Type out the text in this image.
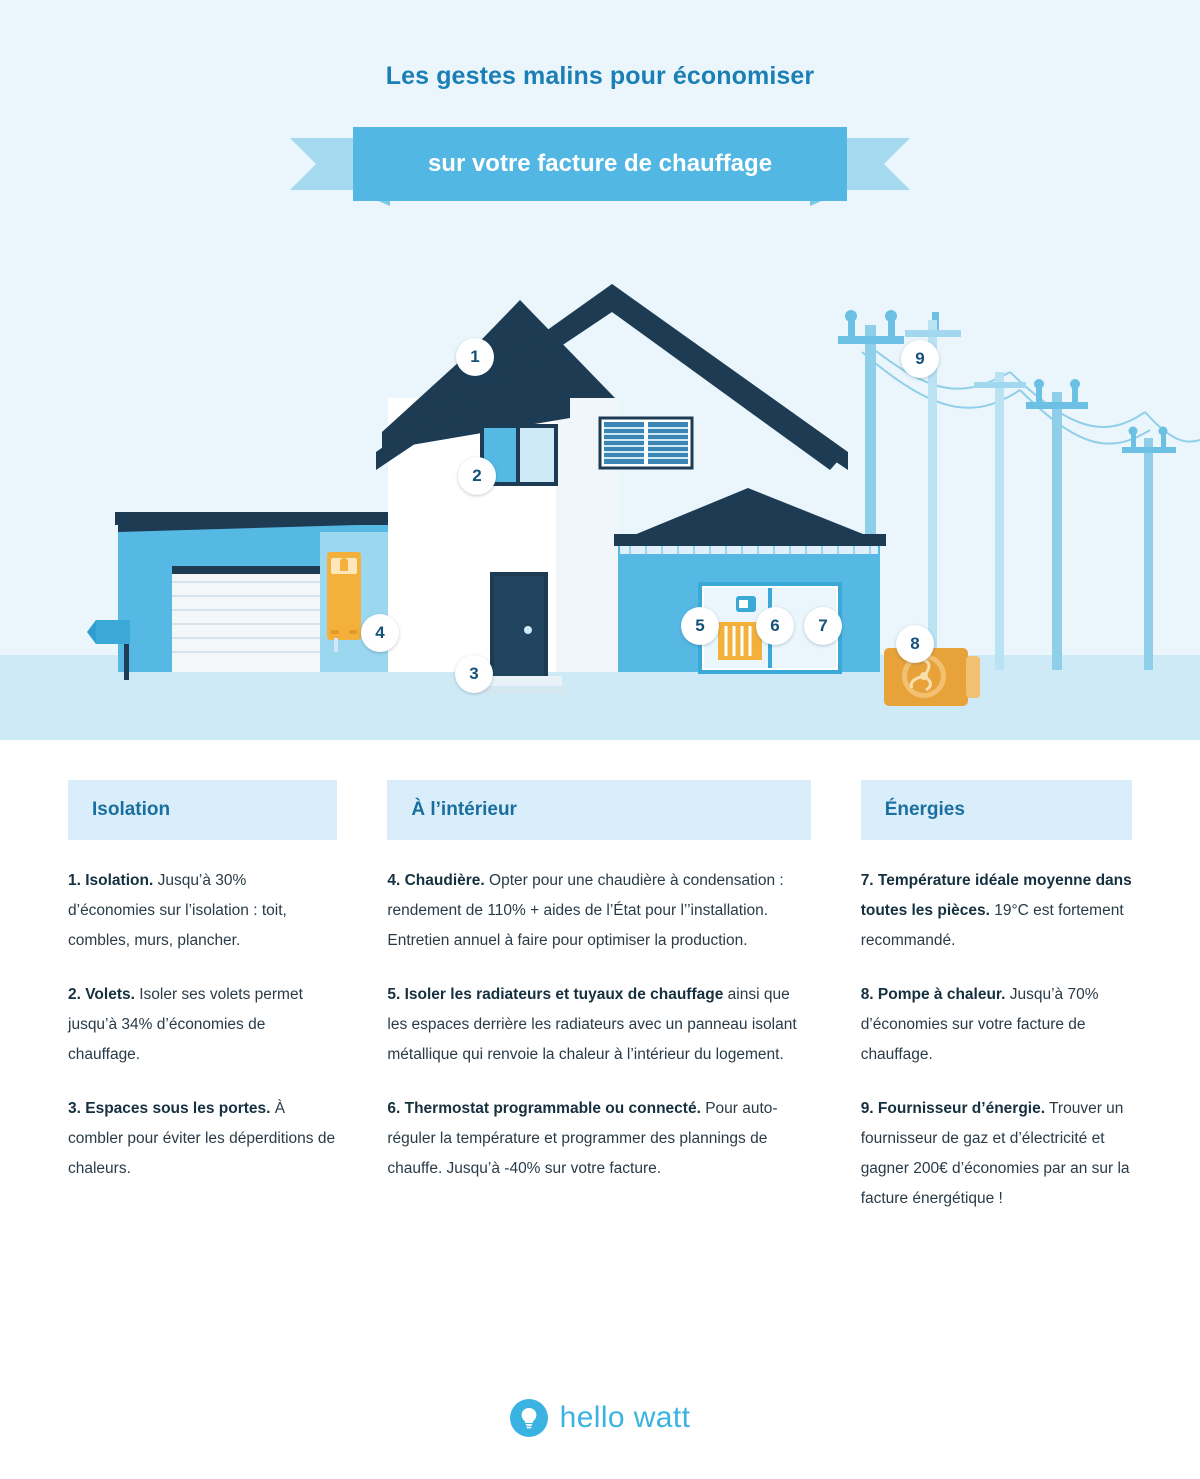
Les gestes malins pour économiser
sur votre facture de chauffage
1
2
3
4	5	6	7
8
9
Isolation

1. Isolation. Jusqu’à 30% d’économies sur l’isolation : toit, combles, murs, plancher.

2. Volets. Isoler ses volets permet jusqu’à 34% d’économies de chauffage.

3. Espaces sous les portes. À combler pour éviter les déperditions de chaleurs.

À l’intérieur

4. Chaudière. Opter pour une chaudière à condensation : rendement de 110% + aides de l’État pour l’’installation. Entretien annuel à faire pour optimiser la production.

5. Isoler les radiateurs et tuyaux de chauffage ainsi que les espaces derrière les radiateurs avec un panneau isolant métallique qui renvoie la chaleur à l’intérieur du logement.

6. Thermostat programmable ou connecté. Pour auto-réguler la température et programmer des plannings de chauffe. Jusqu’à -40% sur votre facture.

Énergies

7. Température idéale moyenne dans toutes les pièces. 19°C est fortement recommandé.

8. Pompe à chaleur. Jusqu’à 70% d’économies sur votre facture de chauffage.

9. Fournisseur d’énergie. Trouver un fournisseur de gaz et d’électricité et gagner 200€ d’économies par an sur la facture énergétique !

hello watt
